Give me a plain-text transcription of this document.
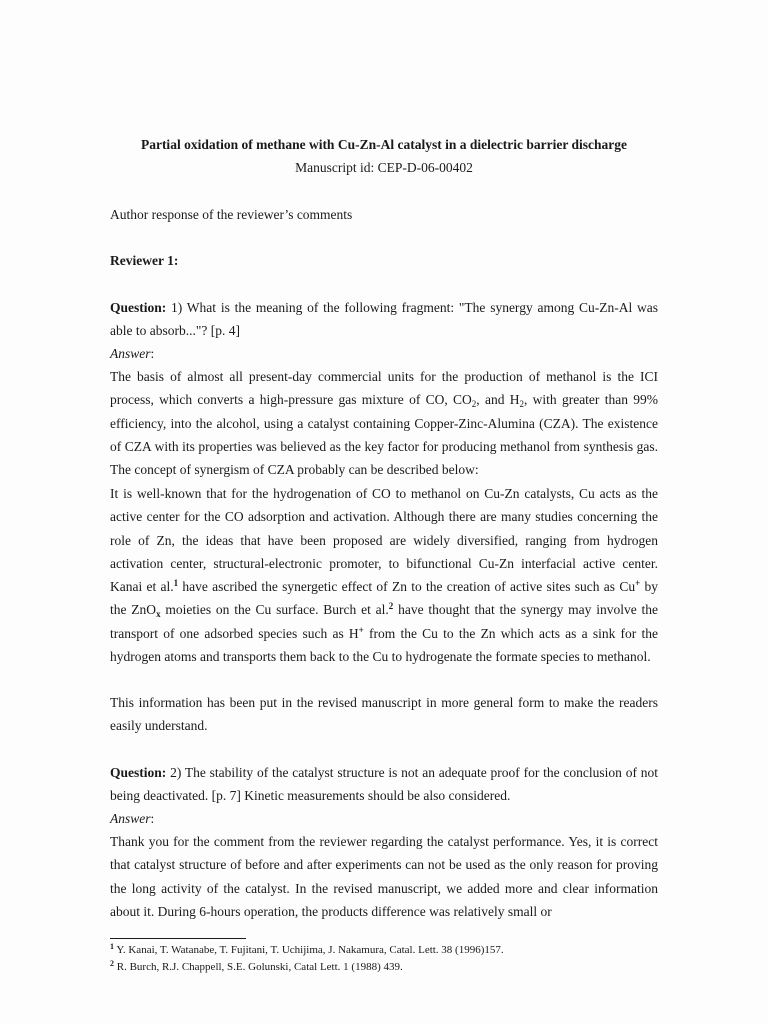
Partial oxidation of methane with Cu-Zn-Al catalyst in a dielectric barrier discharge
Manuscript id: CEP-D-06-00402
Author response of the reviewer’s comments
Reviewer 1:
Question: 1) What is the meaning of the following fragment: "The synergy among Cu-Zn-Al was able to absorb..."? [p. 4]
Answer:
The basis of almost all present-day commercial units for the production of methanol is the ICI process, which converts a high-pressure gas mixture of CO, $CO_2$, and $H_2$, with greater than 99% efficiency, into the alcohol, using a catalyst containing Copper-Zinc-Alumina (CZA). The existence of CZA with its properties was believed as the key factor for producing methanol from synthesis gas. The concept of synergism of CZA probably can be described below:
It is well-known that for the hydrogenation of CO to methanol on Cu-Zn catalysts, Cu acts as the active center for the CO adsorption and activation. Although there are many studies concerning the role of Zn, the ideas that have been proposed are widely diversified, ranging from hydrogen activation center, structural-electronic promoter, to bifunctional Cu-Zn interfacial active center. Kanai et al.$^1$ have ascribed the synergetic effect of Zn to the creation of active sites such as Cu+ by the ZnO$_x$ moieties on the Cu surface. Burch et al.$^2$ have thought that the synergy may involve the transport of one adsorbed species such as H+ from the Cu to the Zn which acts as a sink for the hydrogen atoms and transports them back to the Cu to hydrogenate the formate species to methanol.
This information has been put in the revised manuscript in more general form to make the readers easily understand.
Question: 2) The stability of the catalyst structure is not an adequate proof for the conclusion of not being deactivated. [p. 7] Kinetic measurements should be also considered.
Answer:
Thank you for the comment from the reviewer regarding the catalyst performance. Yes, it is correct that catalyst structure of before and after experiments can not be used as the only reason for proving the long activity of the catalyst. In the revised manuscript, we added more and clear information about it. During 6-hours operation, the products difference was relatively small or
$^1$ Y. Kanai, T. Watanabe, T. Fujitani, T. Uchijima, J. Nakamura, Catal. Lett. 38 (1996)157.
$^2$ R. Burch, R.J. Chappell, S.E. Golunski, Catal Lett. 1 (1988) 439.
